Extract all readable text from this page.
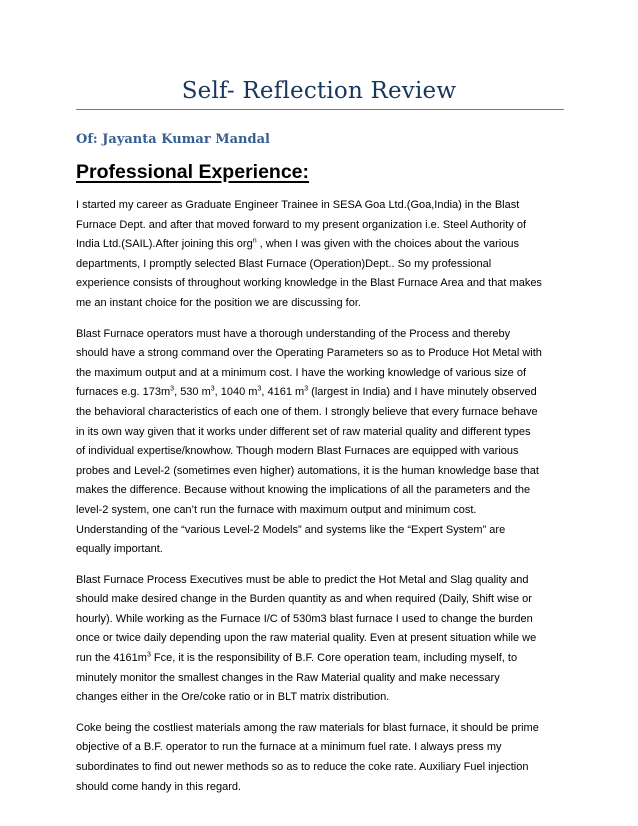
Self- Reflection Review
Of: Jayanta Kumar Mandal
Professional Experience:
I started my career as Graduate Engineer Trainee in SESA Goa Ltd.(Goa,India) in the Blast
Furnace Dept. and after that moved forward to my present organization i.e. Steel Authority of
India Ltd.(SAIL).After joining this org$^n$ , when I was given with the choices about the various
departments, I promptly selected Blast Furnace (Operation)Dept.. So my professional
experience consists of throughout working knowledge in the Blast Furnace Area and that makes
me an instant choice for the position we are discussing for.
Blast Furnace operators must have a thorough understanding of the Process and thereby
should have a strong command over the Operating Parameters so as to Produce Hot Metal with
the maximum output and at a minimum cost. I have the working knowledge of various size of
furnaces e.g. $173m^3$, 530 $m^3$, 1040 $m^3$, 4161 $m^3$ (largest in India) and I have minutely observed
the behavioral characteristics of each one of them. I strongly believe that every furnace behave
in its own way given that it works under different set of raw material quality and different types
of individual expertise/knowhow. Though modern Blast Furnaces are equipped with various
probes and Level-2 (sometimes even higher) automations, it is the human knowledge base that
makes the difference. Because without knowing the implications of all the parameters and the
level-2 system, one can’t run the furnace with maximum output and minimum cost.
Understanding of the “various Level-2 Models” and systems like the “Expert System” are
equally important.
Blast Furnace Process Executives must be able to predict the Hot Metal and Slag quality and
should make desired change in the Burden quantity as and when required (Daily, Shift wise or
hourly). While working as the Furnace I/C of 530m3 blast furnace I used to change the burden
once or twice daily depending upon the raw material quality. Even at present situation while we
run the $4161m^3$ Fce, it is the responsibility of B.F. Core operation team, including myself, to
minutely monitor the smallest changes in the Raw Material quality and make necessary
changes either in the Ore/coke ratio or in BLT matrix distribution.
Coke being the costliest materials among the raw materials for blast furnace, it should be prime
objective of a B.F. operator to run the furnace at a minimum fuel rate. I always press my
subordinates to find out newer methods so as to reduce the coke rate. Auxiliary Fuel injection
should come handy in this regard.
